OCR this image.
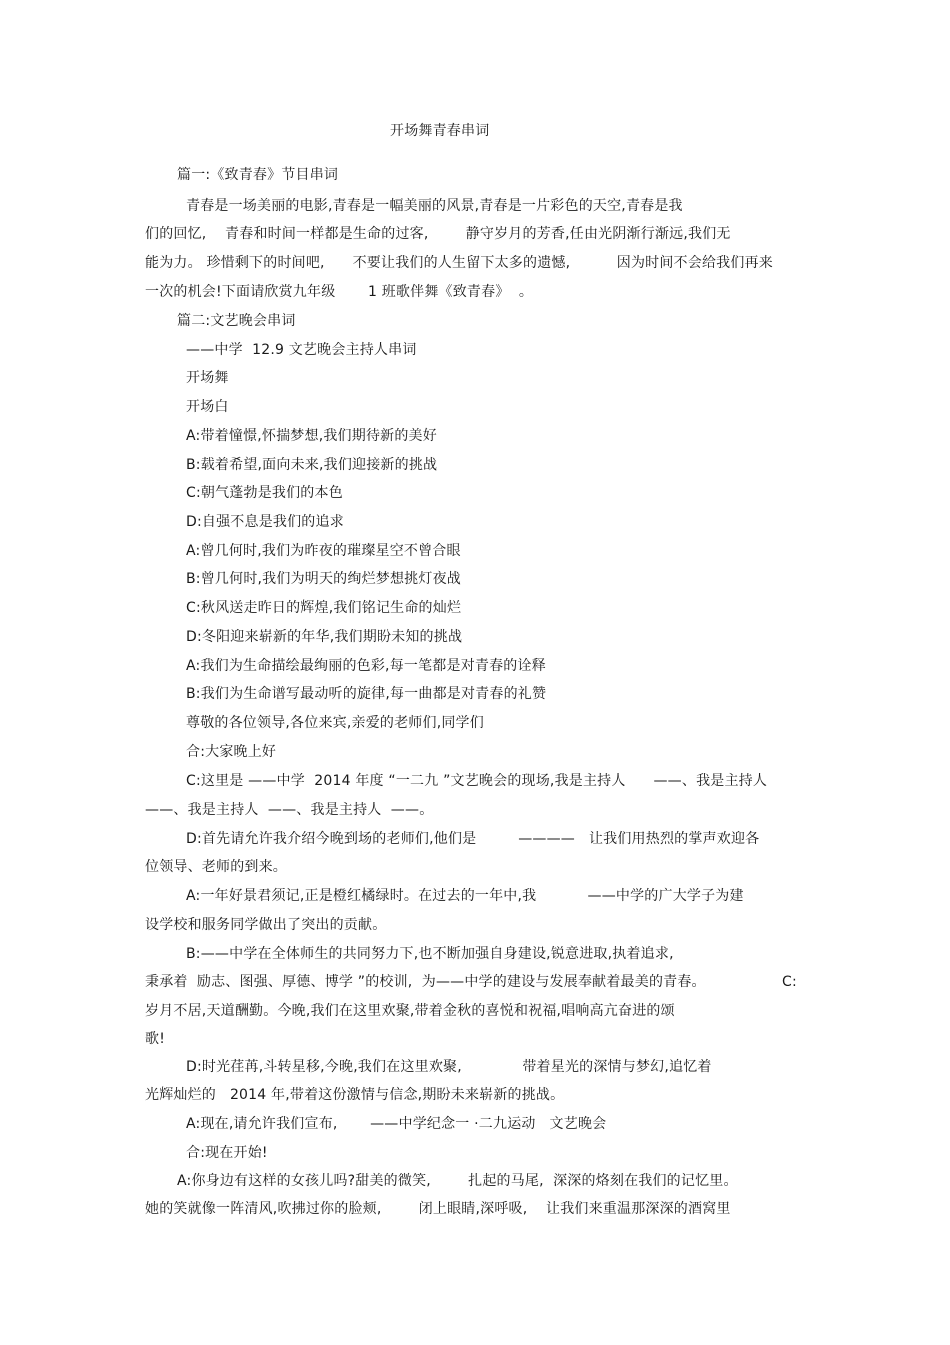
开场舞青春串词
篇一:《致青春》节目串词
青春是一场美丽的电影,青春是一幅美丽的风景,青春是一片彩色的天空,青春是我
们的回忆,    青春和时间一样都是生命的过客,        静守岁月的芳香,任由光阴渐行渐远,我们无
能为力。 珍惜剩下的时间吧,      不要让我们的人生留下太多的遗憾,          因为时间不会给我们再来
一次的机会!下面请欣赏九年级       1 班歌伴舞《致青春》  。
篇二:文艺晚会串词
——中学  12.9 文艺晚会主持人串词
开场舞
开场白
A:带着憧憬,怀揣梦想,我们期待新的美好
B:载着希望,面向未来,我们迎接新的挑战
C:朝气蓬勃是我们的本色
D:自强不息是我们的追求
A:曾几何时,我们为昨夜的璀璨星空不曾合眼
B:曾几何时,我们为明天的绚烂梦想挑灯夜战
C:秋风送走昨日的辉煌,我们铭记生命的灿烂
D:冬阳迎来崭新的年华,我们期盼未知的挑战
A:我们为生命描绘最绚丽的色彩,每一笔都是对青春的诠释
B:我们为生命谱写最动听的旋律,每一曲都是对青春的礼赞
尊敬的各位领导,各位来宾,亲爱的老师们,同学们
合:大家晚上好
C:这里是 ——中学  2014 年度 “一二九 ”文艺晚会的现场,我是主持人      ——、我是主持人
——、我是主持人  ——、我是主持人  ——。
D:首先请允许我介绍今晚到场的老师们,他们是         ————   让我们用热烈的掌声欢迎各
位领导、老师的到来。
A:一年好景君须记,正是橙红橘绿时。在过去的一年中,我           ——中学的广大学子为建
设学校和服务同学做出了突出的贡献。
B:——中学在全体师生的共同努力下,也不断加强自身建设,锐意进取,执着追求,
秉承着  励志、图强、厚德、博学 ”的校训,  为——中学的建设与发展奉献着最美的青春。	C:
岁月不居,天道酬勤。今晚,我们在这里欢聚,带着金秋的喜悦和祝福,唱响高亢奋进的颂
歌!
D:时光荏苒,斗转星移,今晚,我们在这里欢聚,             带着星光的深情与梦幻,追忆着
光辉灿烂的   2014 年,带着这份激情与信念,期盼未来崭新的挑战。
A:现在,请允许我们宣布,       ——中学纪念一 ·二九运动   文艺晚会
合:现在开始!
A:你身边有这样的女孩儿吗?甜美的微笑,        扎起的马尾,  深深的烙刻在我们的记忆里。
她的笑就像一阵清风,吹拂过你的脸颊,        闭上眼睛,深呼吸,    让我们来重温那深深的酒窝里
